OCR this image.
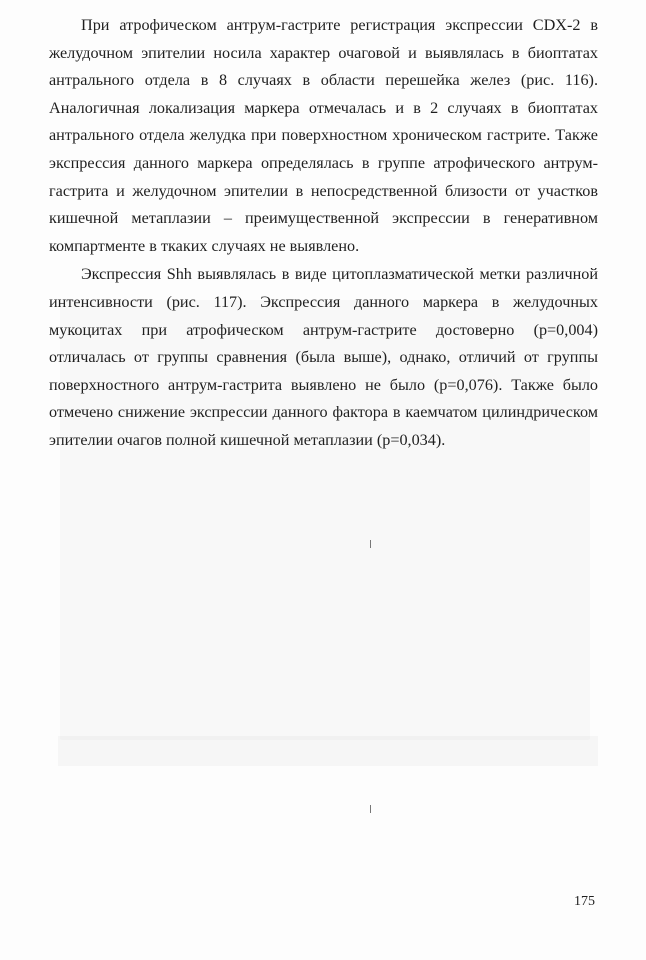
При атрофическом антрум-гастрите регистрация экспрессии CDX-2 в желудочном эпителии носила характер очаговой и выявлялась в биоптатах антрального отдела в 8 случаях в области перешейка желез (рис. 116). Аналогичная локализация маркера отмечалась и в 2 случаях в биоптатах антрального отдела желудка при поверхностном хроническом гастрите. Также экспрессия данного маркера определялась в группе атрофического антрум-гастрита и желудочном эпителии в непосредственной близости от участков кишечной метаплазии – преимущественной экспрессии в генеративном компартменте в ткаких случаях не выявлено.

Экспрессия Shh выявлялась в виде цитоплазматической метки различной интенсивности (рис. 117). Экспрессия данного маркера в желудочных мукоцитах при атрофическом антрум-гастрите достоверно (p=0,004) отличалась от группы сравнения (была выше), однако, отличий от группы поверхностного антрум-гастрита выявлено не было (p=0,076). Также было отмечено снижение экспрессии данного фактора в каемчатом цилиндрическом эпителии очагов полной кишечной метаплазии (p=0,034).

175
